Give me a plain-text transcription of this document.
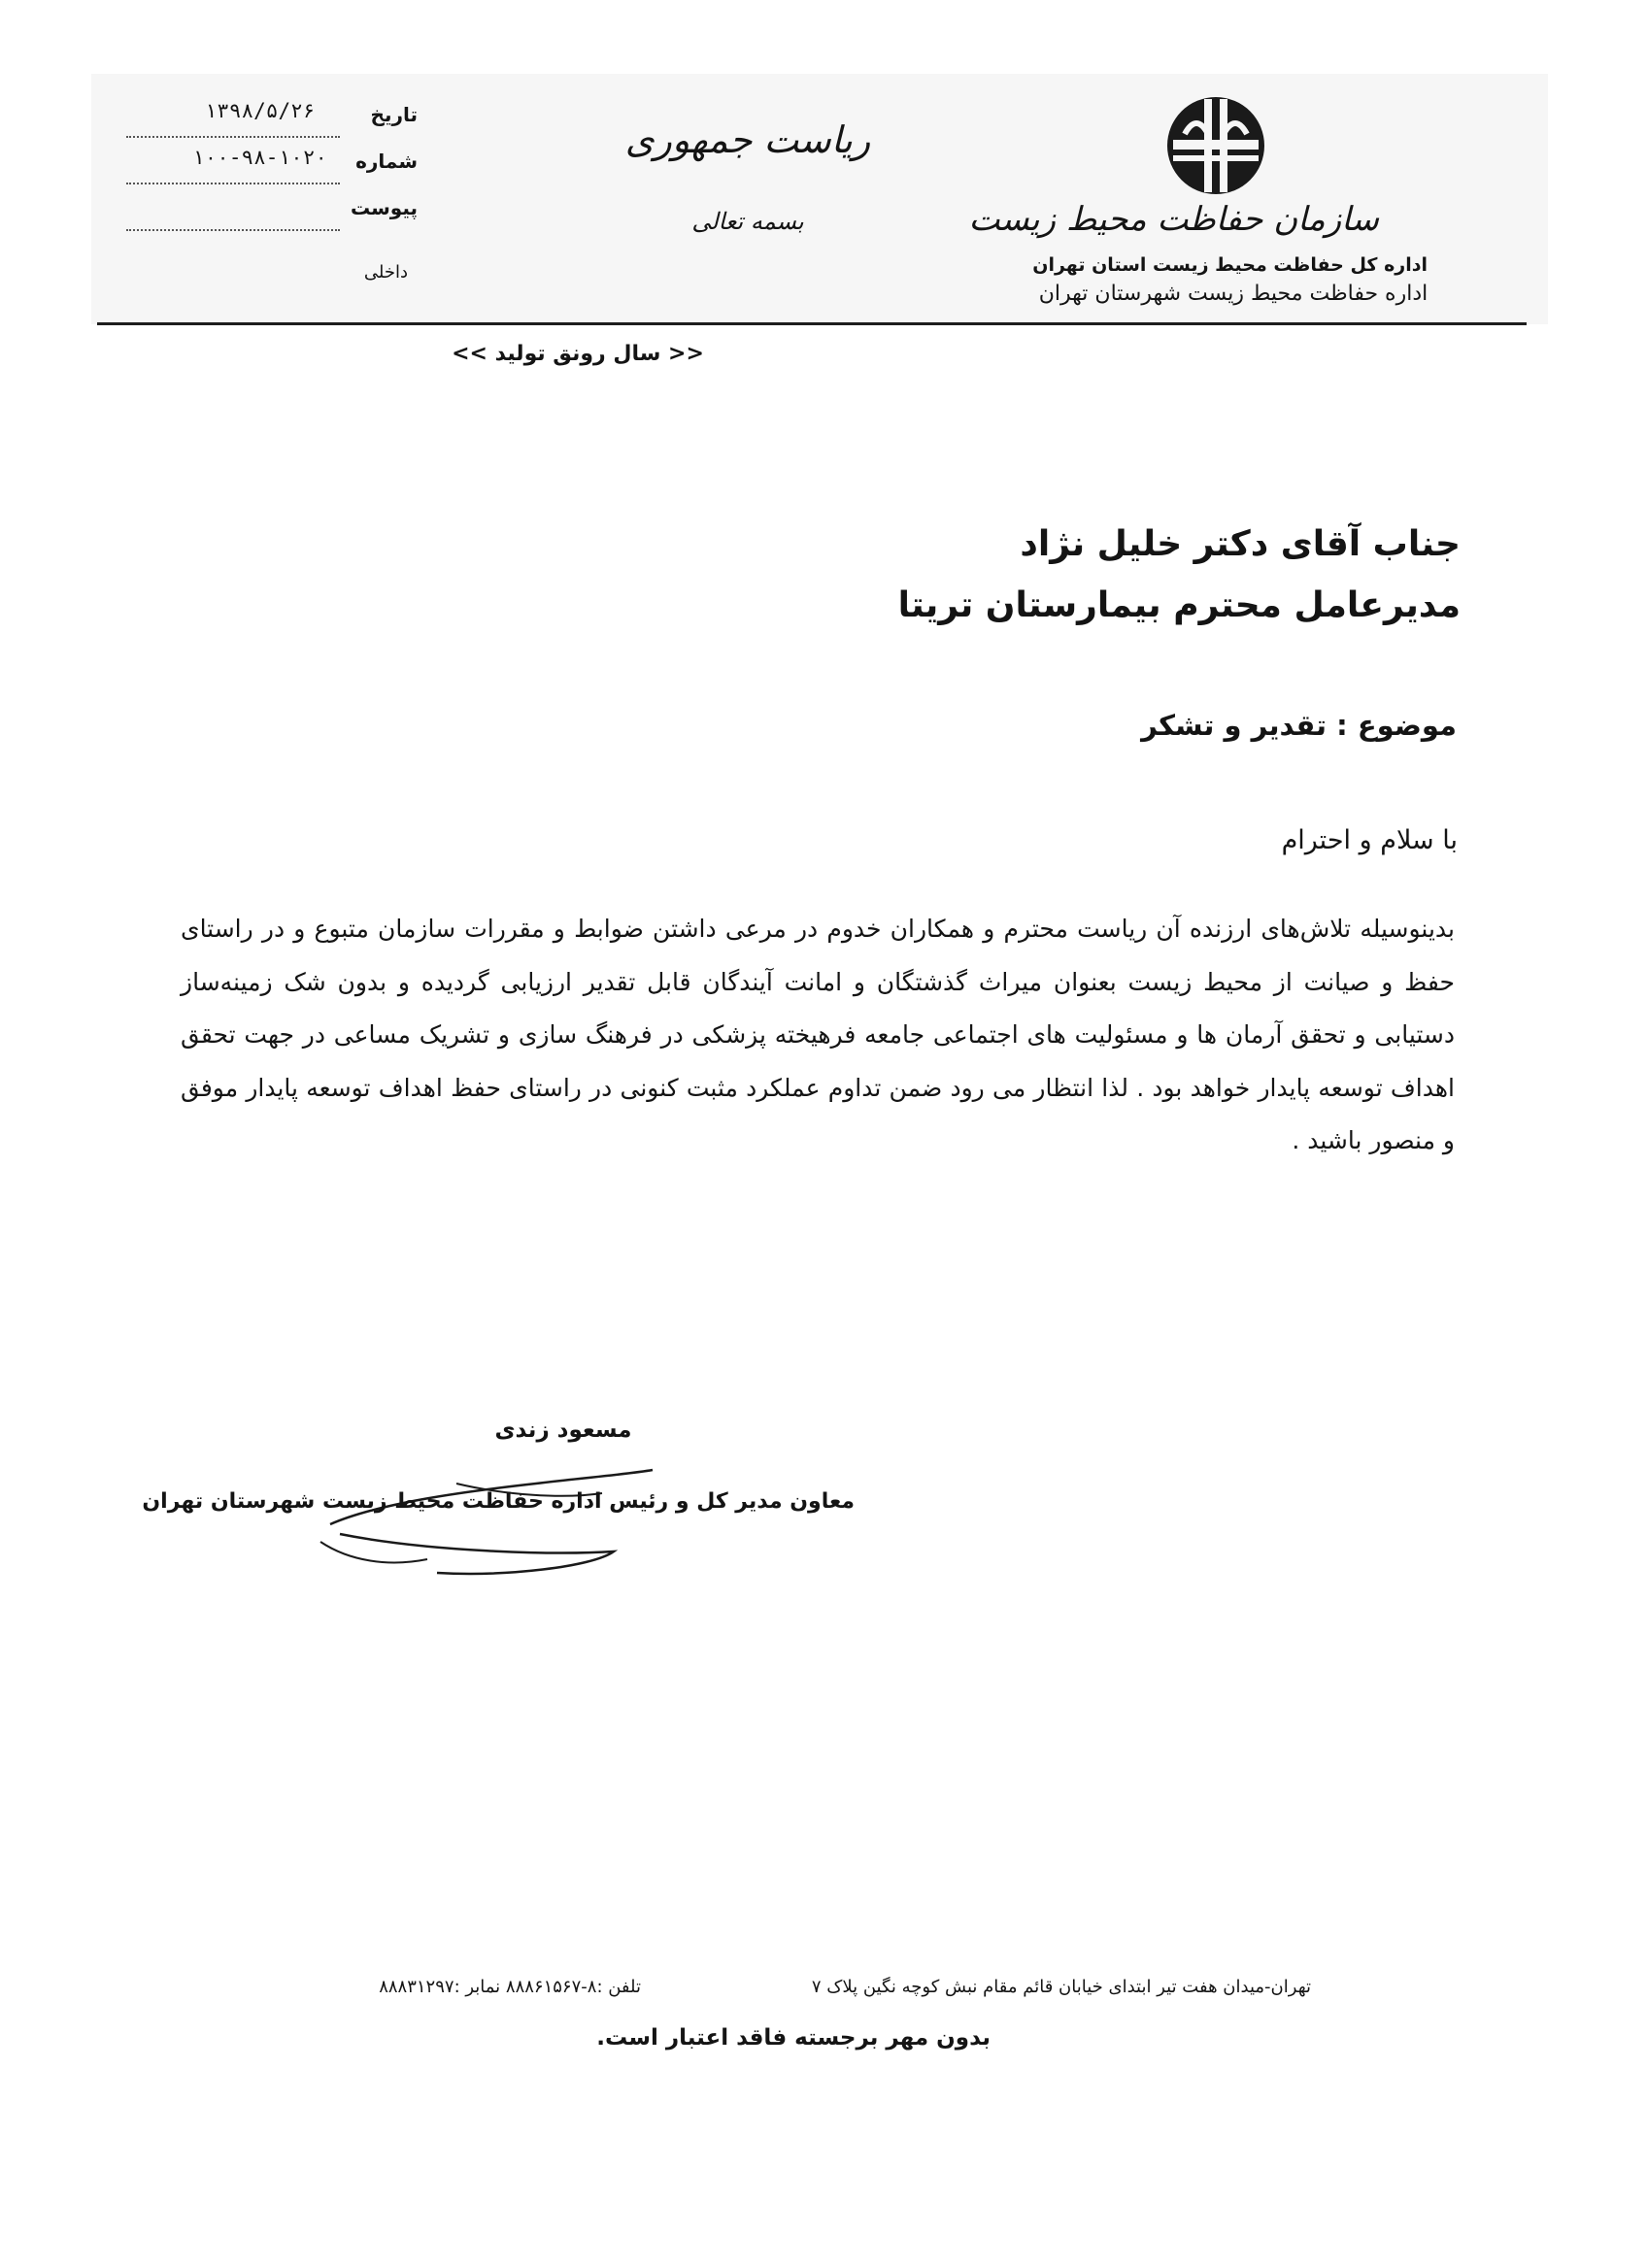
تاریخ
۱۳۹۸/۵/۲۶
شماره
۱۰۰-۹۸-۱۰۲۰
پیوست
داخلی
ریاست جمهوری
بسمه تعالی	سازمان حفاظت محیط زیست
اداره کل حفاظت محیط زیست استان تهران
اداره حفاظت محیط زیست شهرستان تهران
<< سال رونق تولید >>
جناب آقای دکتر خلیل نژاد
مدیرعامل محترم بیمارستان تریتا
موضوع : تقدیر و تشکر
با سلام و احترام
بدینوسیله تلاش‌های ارزنده آن ریاست محترم و همکاران خدوم در مرعی داشتن ضوابط و مقررات سازمان متبوع و در راستای حفظ و صیانت از محیط زیست بعنوان میراث گذشتگان و امانت آیندگان قابل تقدیر ارزیابی گردیده و بدون شک زمینه‌ساز دستیابی و تحقق آرمان ها و مسئولیت های اجتماعی جامعه فرهیخته پزشکی در فرهنگ سازی و تشریک مساعی در جهت تحقق اهداف توسعه پایدار خواهد بود . لذا انتظار می رود ضمن تداوم عملکرد مثبت کنونی در راستای حفظ اهداف توسعه پایدار موفق و منصور باشید .
مسعود زندی
معاون مدیر کل و رئیس اداره حفاظت محیط زیست شهرستان تهران
تهران-میدان هفت تیر ابتدای خیابان قائم مقام نبش کوچه نگین پلاک ۷
تلفن :۸-۸۸۸۶۱۵۶۷ نمابر :۸۸۸۳۱۲۹۷
بدون مهر برجسته فاقد اعتبار است.
